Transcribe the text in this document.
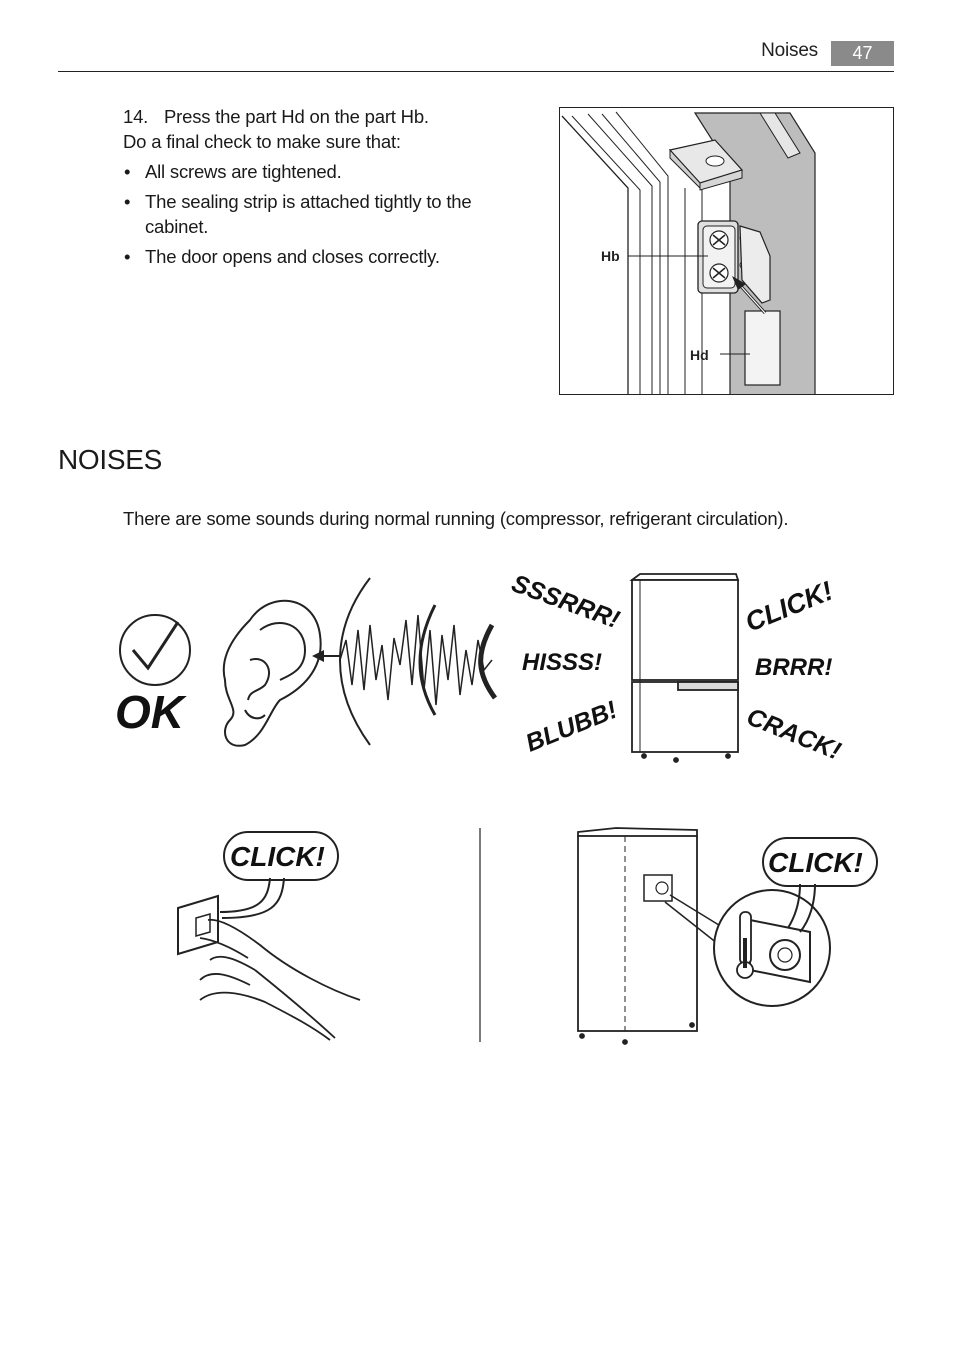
Noises	47
14. Press the part Hd on the part Hb.
Do a final check to make sure that:
• All screws are tightened.
• The sealing strip is attached tightly to the cabinet.
• The door opens and closes correctly.	Hb
Hd
NOISES
There are some sounds during normal running (compressor, refrigerant circulation).
OK
SSSRRR!
HISSS!
BLUBB!
CLICK!
BRRR!
CRACK!
CLICK!	CLICK!
